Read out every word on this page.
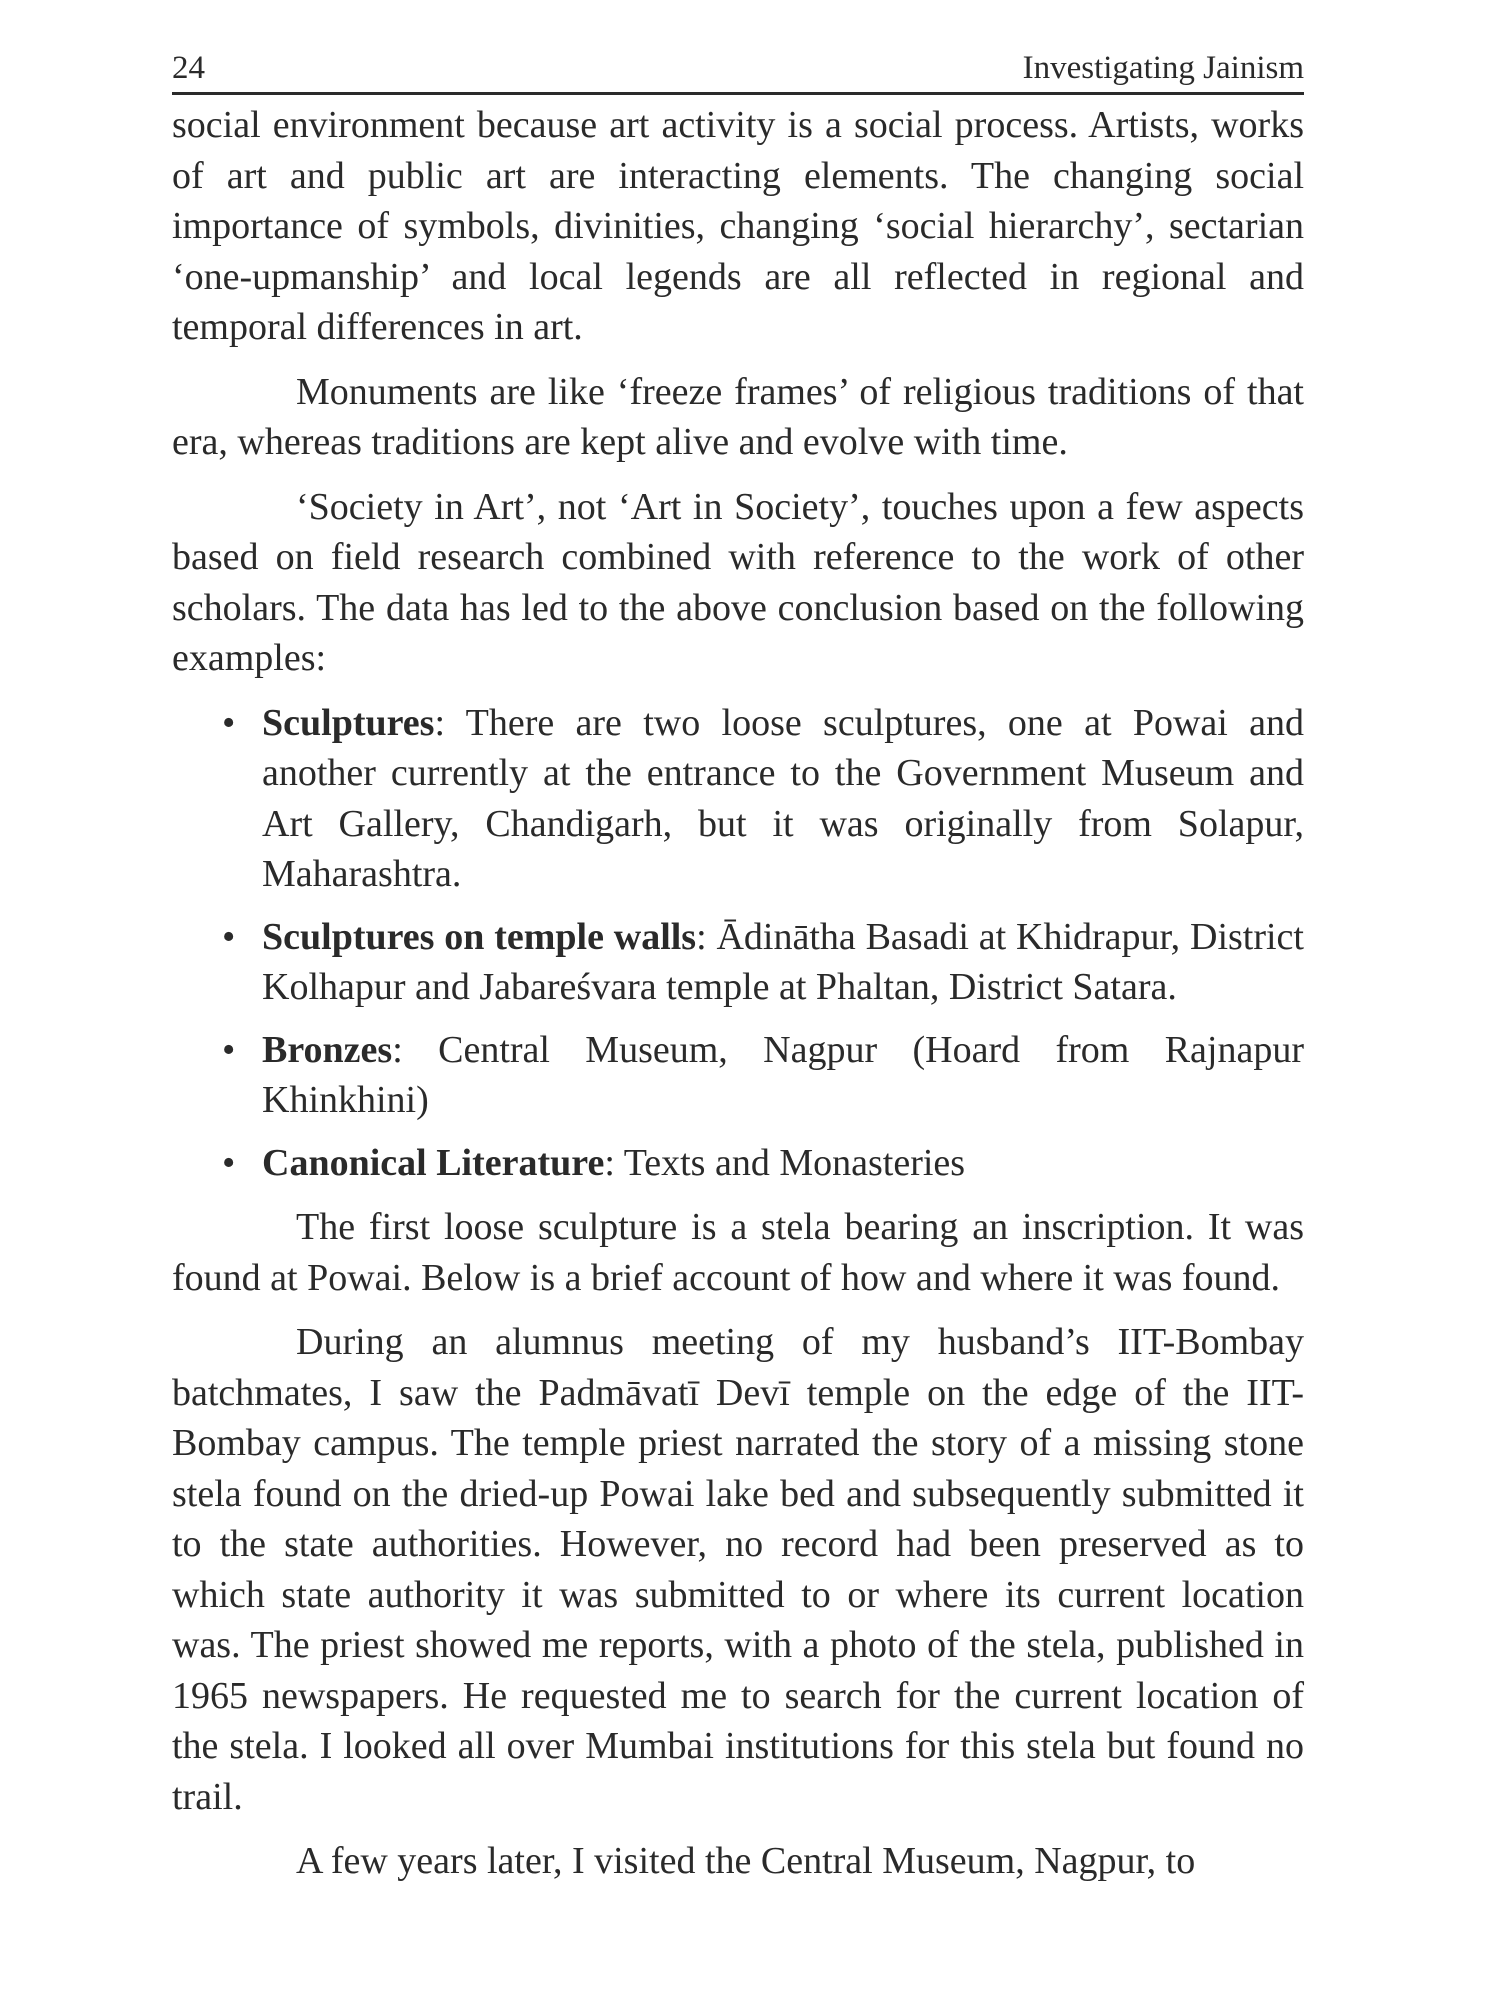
24	Investigating Jainism

social environment because art activity is a social process. Artists, works of art and public art are interacting elements. The changing social importance of symbols, divinities, changing ‘social hierarchy’, sectarian ‘one-upmanship’ and local legends are all reflected in regional and temporal differences in art.

Monuments are like ‘freeze frames’ of religious traditions of that era, whereas traditions are kept alive and evolve with time.

‘Society in Art’, not ‘Art in Society’, touches upon a few aspects based on field research combined with reference to the work of other scholars. The data has led to the above conclusion based on the following examples:

• Sculptures: There are two loose sculptures, one at Powai and another currently at the entrance to the Government Museum and Art Gallery, Chandigarh, but it was originally from Solapur, Maharashtra.
• Sculptures on temple walls: Ādinātha Basadi at Khidrapur, District Kolhapur and Jabareśvara temple at Phaltan, District Satara.
• Bronzes: Central Museum, Nagpur (Hoard from Rajnapur Khinkhini)
• Canonical Literature: Texts and Monasteries

The first loose sculpture is a stela bearing an inscription. It was found at Powai. Below is a brief account of how and where it was found.

During an alumnus meeting of my husband’s IIT-Bombay batchmates, I saw the Padmāvatī Devī temple on the edge of the IIT-Bombay campus. The temple priest narrated the story of a missing stone stela found on the dried-up Powai lake bed and subsequently submitted it to the state authorities. However, no record had been preserved as to which state authority it was submitted to or where its current location was. The priest showed me reports, with a photo of the stela, published in 1965 newspapers. He requested me to search for the current location of the stela. I looked all over Mumbai institutions for this stela but found no trail.

A few years later, I visited the Central Museum, Nagpur, to
